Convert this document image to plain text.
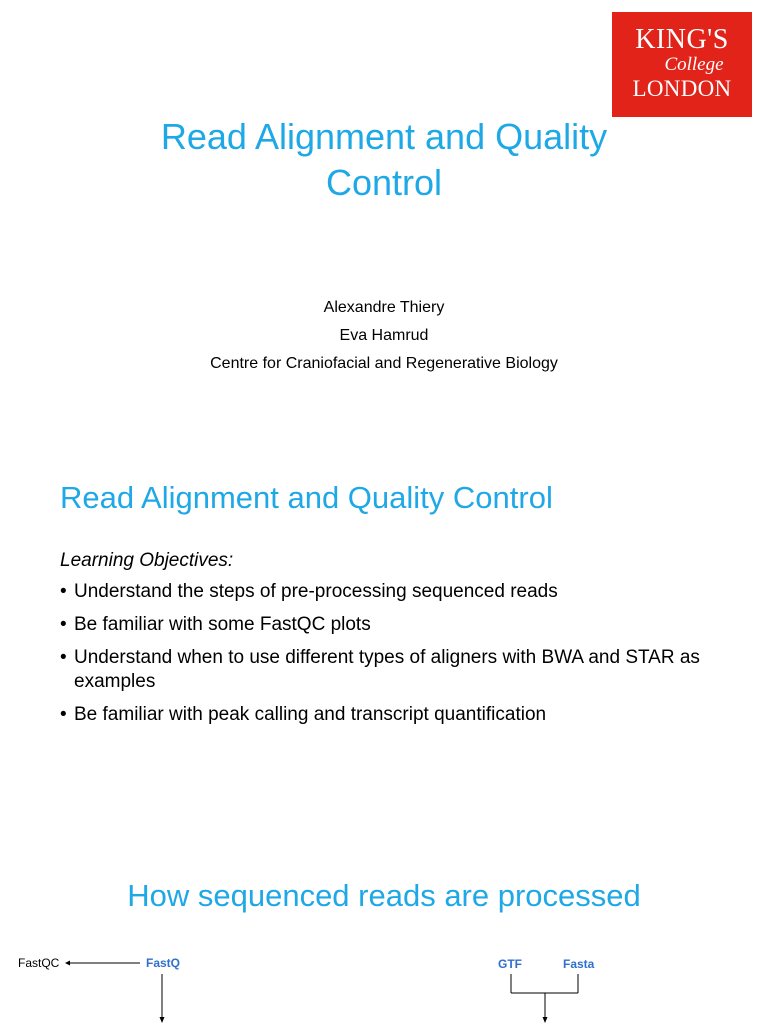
KING'S
College
LONDON
Read Alignment and Quality Control
Alexandre Thiery
Eva Hamrud
Centre for Craniofacial and Regenerative Biology
Read Alignment and Quality Control
Learning Objectives:
• Understand the steps of pre-processing sequenced reads
• Be familiar with some FastQC plots
• Understand when to use different types of aligners with BWA and STAR as examples
• Be familiar with peak calling and transcript quantification
How sequenced reads are processed
FastQC	FastQ	GTF	Fasta
